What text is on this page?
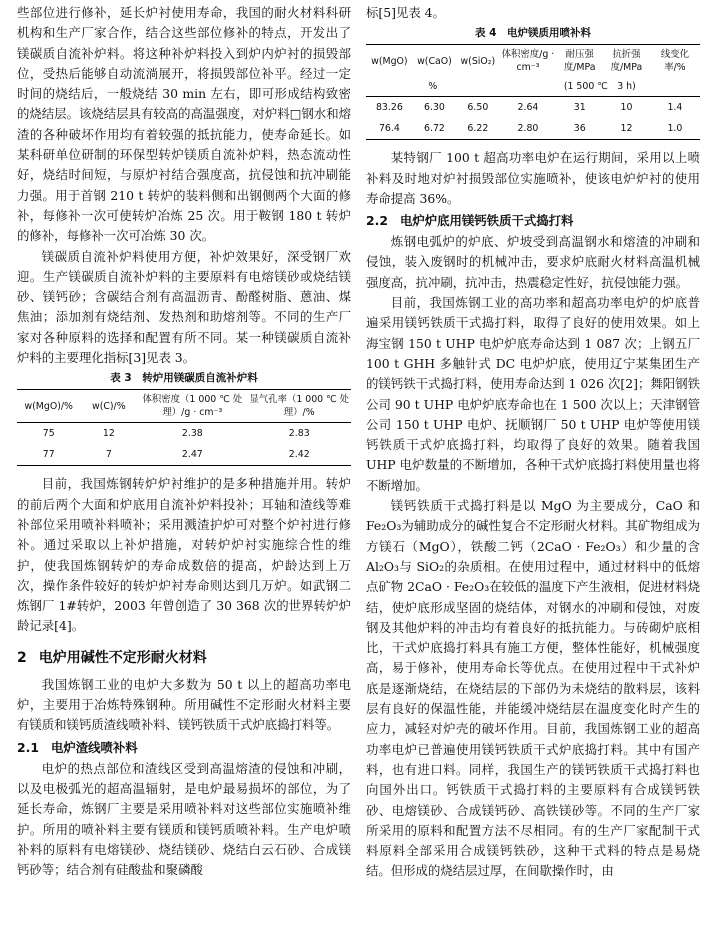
些部位进行修补，延长炉衬使用寿命，我国的耐火材料科研机构和生产厂家合作，结合这些部位修补的特点，开发出了镁碳质自流补炉料。将这种补炉料投入到炉内炉衬的损毁部位，受热后能够自动流淌展开，将损毁部位补平。经过一定时间的烧结后，一般烧结 30 min 左右，即可形成结构致密的烧结层。该烧结层具有较高的高温强度，对炉料□钢水和熔渣的各种破坏作用均有着较强的抵抗能力，使寿命延长。如某科研单位研制的环保型转炉镁质自流补炉料，热态流动性好，烧结时间短，与原炉衬结合强度高，抗侵蚀和抗冲刷能力强。用于首钢 210 t 转炉的装料侧和出钢侧两个大面的修补，每修补一次可使转炉冶炼 25 次。用于鞍钢 180 t 转炉的修补，每修补一次可冶炼 30 次。

镁碳质自流补炉料使用方便，补炉效果好，深受钢厂欢迎。生产镁碳质自流补炉料的主要原料有电熔镁砂或烧结镁砂、镁钙砂；含碳结合剂有高温沥青、酚醛树脂、蒽油、煤焦油；添加剂有烧结剂、发热剂和助熔剂等。不同的生产厂家对各种原料的选择和配置有所不同。某一种镁碳质自流补炉料的主要理化指标[3]见表 3。

表 3　转炉用镁碳质自流补炉料
w(MgO)/%	w(C)/%	体积密度（1 000 ℃ 处理）/g · cm⁻³	显气孔率（1 000 ℃ 处理）/%
75	12	2.38	2.83
77	7	2.47	2.42

目前，我国炼钢转炉炉衬维护的是多种措施并用。转炉的前后两个大面和炉底用自流补炉料投补；耳轴和渣线等难补部位采用喷补料喷补；采用溅渣护炉可对整个炉衬进行修补。通过采取以上补炉措施，对转炉炉衬实施综合性的维护，使我国炼钢转炉的寿命成数倍的提高，炉龄达到上万次，操作条件较好的转炉炉衬寿命则达到几万炉。如武钢二炼钢厂 1#转炉，2003 年曾创造了 30 368 次的世界转炉炉龄记录[4]。

2 电炉用碱性不定形耐火材料

我国炼钢工业的电炉大多数为 50 t 以上的超高功率电炉，主要用于冶炼特殊钢种。所用碱性不定形耐火材料主要有镁质和镁钙质渣线喷补料、镁钙铁质干式炉底捣打料等。

2.1 电炉渣线喷补料

电炉的热点部位和渣线区受到高温熔渣的侵蚀和冲刷，以及电极弧光的超高温辐射，是电炉最易损坏的部位，为了延长寿命，炼钢厂主要是采用喷补料对这些部位实施喷补维护。所用的喷补料主要有镁质和镁钙质喷补料。生产电炉喷补料的原料有电熔镁砂、烧结镁砂、烧结白云石砂、合成镁钙砂等；结合剂有硅酸盐和聚磷酸

标[5]见表 4。

表 4　电炉镁质用喷补料
w(MgO)	w(CaO)	w(SiO₂)	体积密度/g · cm⁻³	耐压强度/MPa	抗折强度/MPa	线变化率/%
%			(1 500 ℃　3 h)			
83.26	6.30	6.50	2.64	31	10	1.4
76.4	6.72	6.22	2.80	36	12	1.0

某特钢厂 100 t 超高功率电炉在运行期间，采用以上喷补料及时地对炉衬损毁部位实施喷补，使该电炉炉衬的使用寿命提高 36%。

2.2 电炉炉底用镁钙铁质干式捣打料

炼钢电弧炉的炉底、炉坡受到高温钢水和熔渣的冲刷和侵蚀，装入废钢时的机械冲击，要求炉底耐火材料高温机械强度高，抗冲刷，抗冲击，热震稳定性好，抗侵蚀能力强。

目前，我国炼钢工业的高功率和超高功率电炉的炉底普遍采用镁钙铁质干式捣打料，取得了良好的使用效果。如上海宝钢 150 t UHP 电炉炉底寿命达到 1 087 次；上钢五厂 100 t GHH 多触针式 DC 电炉炉底，使用辽宁某集团生产的镁钙铁干式捣打料，使用寿命达到 1 026 次[2]；舞阳钢铁公司 90 t UHP 电炉炉底寿命也在 1 500 次以上；天津钢管公司 150 t UHP 电炉、抚顺钢厂 50 t UHP 电炉等使用镁钙铁质干式炉底捣打料，均取得了良好的效果。随着我国 UHP 电炉数量的不断增加，各种干式炉底捣打料使用量也将不断增加。

镁钙铁质干式捣打料是以 MgO 为主要成分，CaO 和 Fe₂O₃为辅助成分的碱性复合不定形耐火材料。其矿物组成为方镁石（MgO），铁酸二钙（2CaO · Fe₂O₃）和少量的含 Al₂O₃与 SiO₂的杂质相。在使用过程中，通过材料中的低熔点矿物 2CaO · Fe₂O₃在较低的温度下产生液相，促进材料烧结，使炉底形成坚固的烧结体，对钢水的冲刷和侵蚀，对废钢及其他炉料的冲击均有着良好的抵抗能力。与砖砌炉底相比，干式炉底捣打料具有施工方便，整体性能好，机械强度高，易于修补，使用寿命长等优点。在使用过程中干式补炉底是逐渐烧结，在烧结层的下部仍为未烧结的散料层，该料层有良好的保温性能，并能缓冲烧结层在温度变化时产生的应力，减轻对炉壳的破坏作用。目前，我国炼钢工业的超高功率电炉已普遍使用镁钙铁质干式炉底捣打料。其中有国产料，也有进口料。同样，我国生产的镁钙铁质干式捣打料也向国外出口。钙铁质干式捣打料的主要原料有合成镁钙铁砂、电熔镁砂、合成镁钙砂、高铁镁砂等。不同的生产厂家所采用的原料和配置方法不尽相同。有的生产厂家配制干式料原料全部采用合成镁钙铁砂，这种干式料的特点是易烧结。但形成的烧结层过厚，在间歇操作时，由
